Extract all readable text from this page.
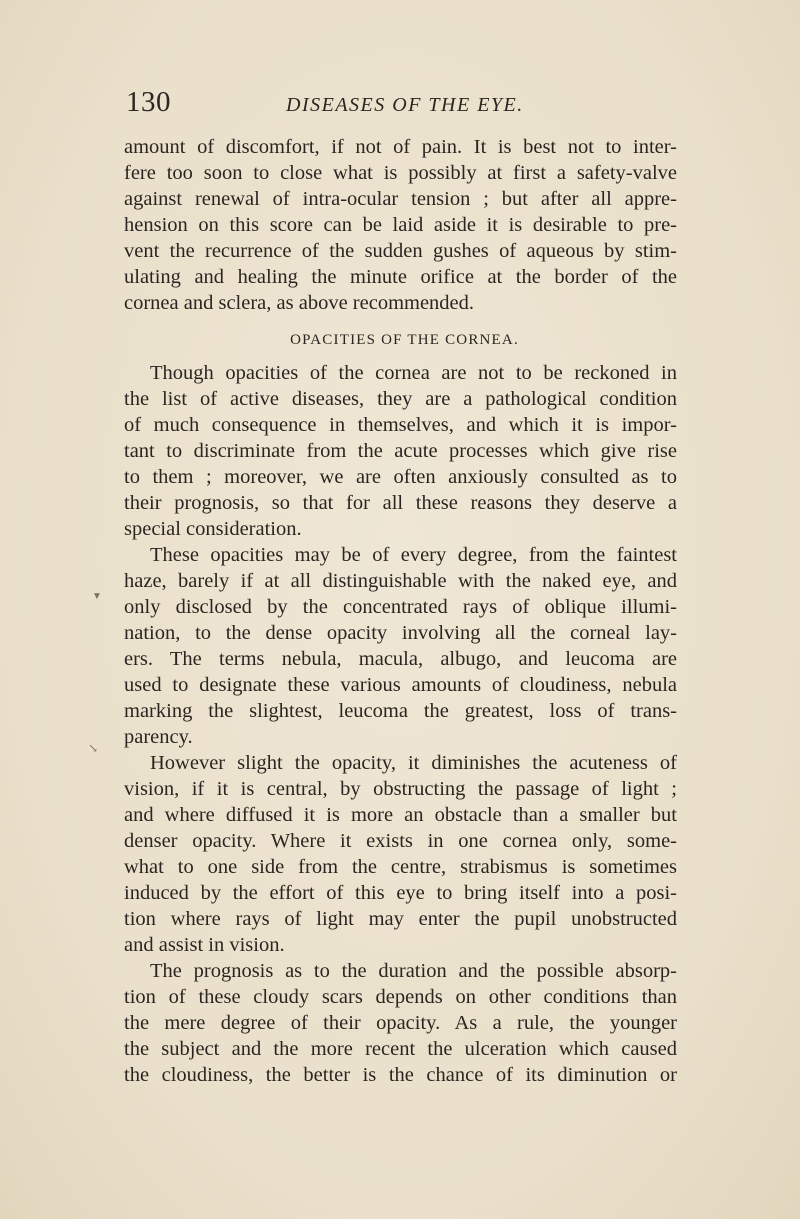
130	DISEASES OF THE EYE.
amount of discomfort, if not of pain. It is best not to inter-
fere too soon to close what is possibly at first a safety-valve
against renewal of intra-ocular tension ; but after all appre-
hension on this score can be laid aside it is desirable to pre-
vent the recurrence of the sudden gushes of aqueous by stim-
ulating and healing the minute orifice at the border of the
cornea and sclera, as above recommended.
OPACITIES OF THE CORNEA.
Though opacities of the cornea are not to be reckoned in
the list of active diseases, they are a pathological condition
of much consequence in themselves, and which it is impor-
tant to discriminate from the acute processes which give rise
to them ; moreover, we are often anxiously consulted as to
their prognosis, so that for all these reasons they deserve a
special consideration.
These opacities may be of every degree, from the faintest
haze, barely if at all distinguishable with the naked eye, and
only disclosed by the concentrated rays of oblique illumi-
nation, to the dense opacity involving all the corneal lay-
ers. The terms nebula, macula, albugo, and leucoma are
used to designate these various amounts of cloudiness, nebula
marking the slightest, leucoma the greatest, loss of trans-
parency.
However slight the opacity, it diminishes the acuteness of
vision, if it is central, by obstructing the passage of light ;
and where diffused it is more an obstacle than a smaller but
denser opacity. Where it exists in one cornea only, some-
what to one side from the centre, strabismus is sometimes
induced by the effort of this eye to bring itself into a posi-
tion where rays of light may enter the pupil unobstructed
and assist in vision.
The prognosis as to the duration and the possible absorp-
tion of these cloudy scars depends on other conditions than
the mere degree of their opacity. As a rule, the younger
the subject and the more recent the ulceration which caused
the cloudiness, the better is the chance of its diminution or
▼
↘
